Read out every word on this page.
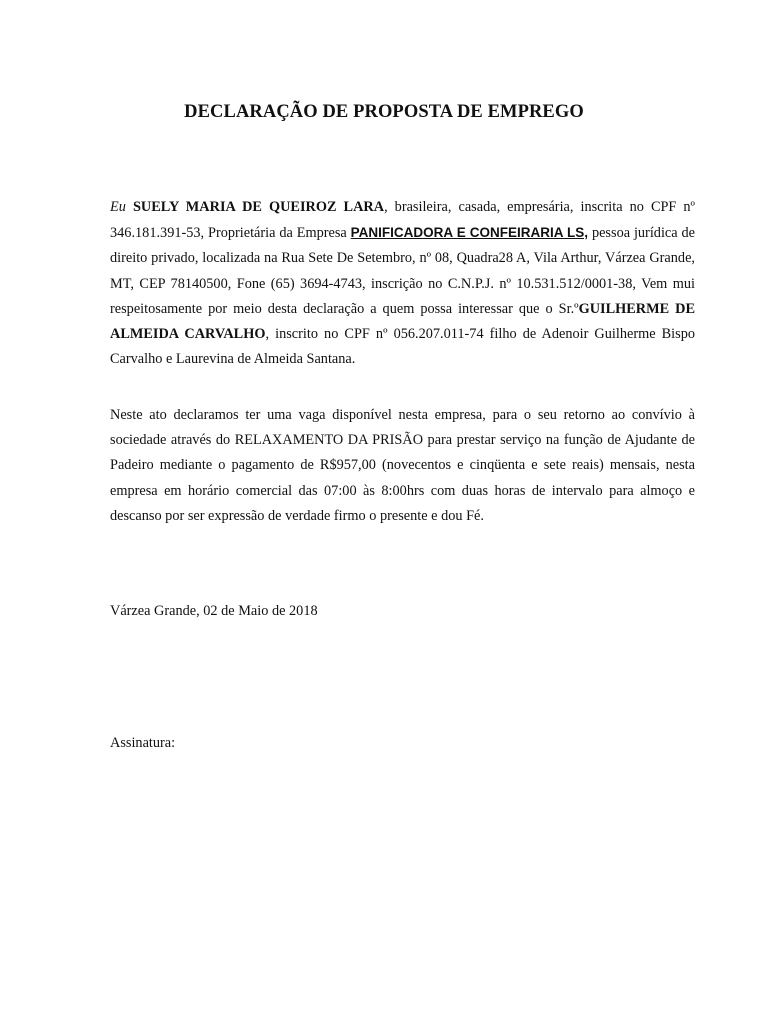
DECLARAÇÃO DE PROPOSTA DE EMPREGO
Eu SUELY MARIA DE QUEIROZ LARA, brasileira, casada, empresária, inscrita no CPF nº 346.181.391-53, Proprietária da Empresa PANIFICADORA E CONFEIRARIA LS, pessoa jurídica de direito privado, localizada na Rua Sete De Setembro, nº 08, Quadra28 A, Vila Arthur, Várzea Grande, MT, CEP 78140500, Fone (65) 3694-4743, inscrição no C.N.P.J. nº 10.531.512/0001-38, Vem mui respeitosamente por meio desta declaração a quem possa interessar que o Sr.ºGUILHERME DE ALMEIDA CARVALHO, inscrito no CPF nº 056.207.011-74 filho de Adenoir Guilherme Bispo Carvalho e Laurevina de Almeida Santana.
Neste ato declaramos ter uma vaga disponível nesta empresa, para o seu retorno ao convívio à sociedade através do RELAXAMENTO DA PRISÃO para prestar serviço na função de Ajudante de Padeiro mediante o pagamento de R$957,00 (novecentos e cinqüenta e sete reais) mensais, nesta empresa em horário comercial das 07:00 às 8:00hrs com duas horas de intervalo para almoço e descanso por ser expressão de verdade firmo o presente e dou Fé.
Várzea Grande, 02 de Maio de 2018
Assinatura:
